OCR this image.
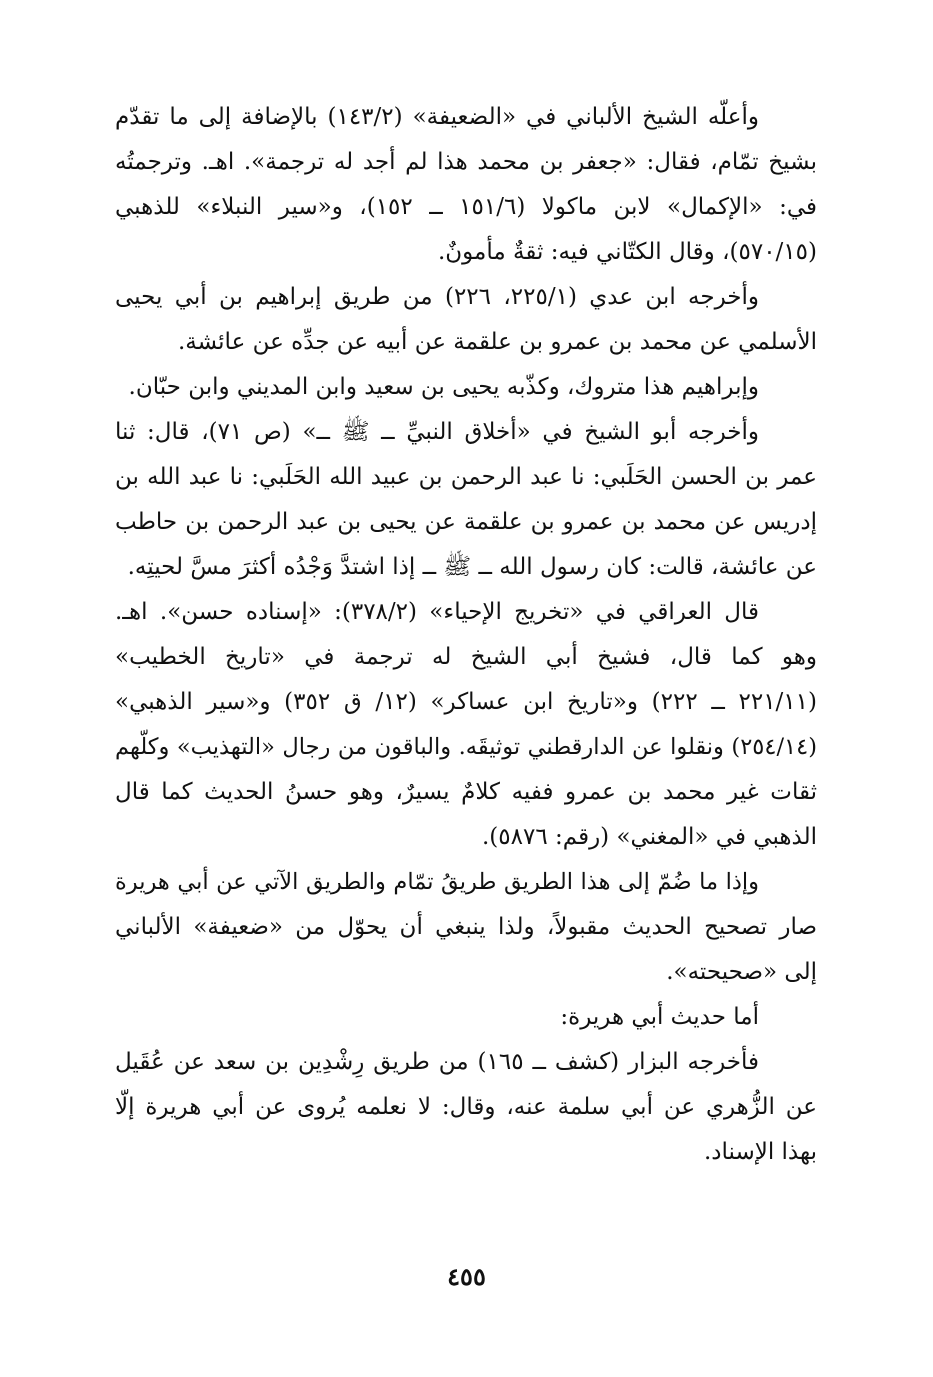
وأعلّه الشيخ الألباني في «الضعيفة» (١٤٣/٢) بالإضافة إلى ما تقدّم
بشيخ تمّام، فقال: «جعفر بن محمد هذا لم أجد له ترجمة». اهـ. وترجمتُه
في: «الإكمال» لابن ماكولا (١٥١/٦ ــ ١٥٢)، و«سير النبلاء» للذهبي
(٥٧٠/١٥)، وقال الكتّاني فيه: ثقةٌ مأمونٌ.
وأخرجه ابن عدي (٢٢٥/١، ٢٢٦) من طريق إبراهيم بن أبي يحيى
الأسلمي عن محمد بن عمرو بن علقمة عن أبيه عن جدِّه عن عائشة.
وإبراهيم هذا متروك، وكذّبه يحيى بن سعيد وابن المديني وابن حبّان.
وأخرجه أبو الشيخ في «أخلاق النبيِّ ــ ﷺ ــ» (ص ٧١)، قال: ثنا
عمر بن الحسن الحَلَبي: نا عبد الرحمن بن عبيد الله الحَلَبي: نا عبد الله بن
إدريس عن محمد بن عمرو بن علقمة عن يحيى بن عبد الرحمن بن حاطب
عن عائشة، قالت: كان رسول الله ــ ﷺ ــ إذا اشتدَّ وَجْدُه أكثرَ مسَّ لحيتِه.
قال العراقي في «تخريج الإحياء» (٣٧٨/٢): «إسناده حسن». اهـ.
وهو كما قال، فشيخ أبي الشيخ له ترجمة في «تاريخ الخطيب»
(٢٢١/١١ ــ ٢٢٢) و«تاريخ ابن عساكر» (١٢/ ق ٣٥٢) و«سير الذهبي»
(٢٥٤/١٤) ونقلوا عن الدارقطني توثيقَه. والباقون من رجال «التهذيب» وكلّهم
ثقات غير محمد بن عمرو ففيه كلامٌ يسيرٌ، وهو حسنُ الحديث كما قال
الذهبي في «المغني» (رقم: ٥٨٧٦).
وإذا ما ضُمّ إلى هذا الطريق طريقُ تمّام والطريق الآتي عن أبي هريرة
صار تصحيح الحديث مقبولاً، ولذا ينبغي أن يحوّل من «ضعيفة» الألباني
إلى «صحيحته».
أما حديث أبي هريرة:
فأخرجه البزار (كشف ــ ١٦٥) من طريق رِشْدِين بن سعد عن عُقَيل
عن الزُّهري عن أبي سلمة عنه، وقال: لا نعلمه يُروى عن أبي هريرة إلّا
بهذا الإسناد.
٤٥٥
